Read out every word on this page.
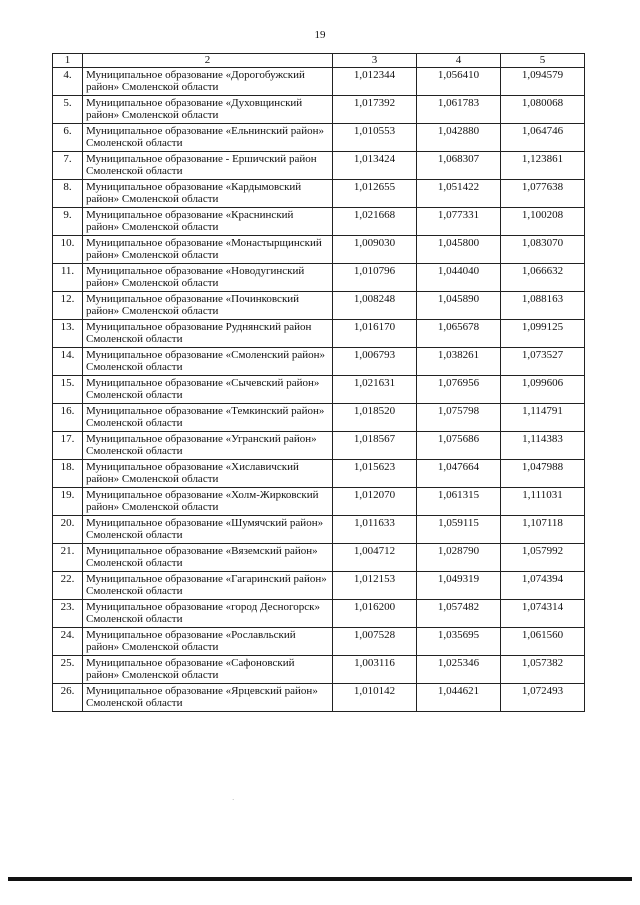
19
1	2	3	4	5
4.	Муниципальное образование «Дорогобужский район» Смоленской области	1,012344	1,056410	1,094579
5.	Муниципальное образование «Духовщинский район» Смоленской области	1,017392	1,061783	1,080068
6.	Муниципальное образование «Ельнинский район» Смоленской области	1,010553	1,042880	1,064746
7.	Муниципальное образование - Ершичский район Смоленской области	1,013424	1,068307	1,123861
8.	Муниципальное образование «Кардымовский район» Смоленской области	1,012655	1,051422	1,077638
9.	Муниципальное образование «Краснинский район» Смоленской области	1,021668	1,077331	1,100208
10.	Муниципальное образование «Монастырщинский район» Смоленской области	1,009030	1,045800	1,083070
11.	Муниципальное образование «Новодугинский район» Смоленской области	1,010796	1,044040	1,066632
12.	Муниципальное образование «Починковский район» Смоленской области	1,008248	1,045890	1,088163
13.	Муниципальное образование Руднянский район Смоленской области	1,016170	1,065678	1,099125
14.	Муниципальное образование «Смоленский район» Смоленской области	1,006793	1,038261	1,073527
15.	Муниципальное образование «Сычевский район» Смоленской области	1,021631	1,076956	1,099606
16.	Муниципальное образование «Темкинский район» Смоленской области	1,018520	1,075798	1,114791
17.	Муниципальное образование «Угранский район» Смоленской области	1,018567	1,075686	1,114383
18.	Муниципальное образование «Хиславичский район» Смоленской области	1,015623	1,047664	1,047988
19.	Муниципальное образование «Холм-Жирковский район» Смоленской области	1,012070	1,061315	1,111031
20.	Муниципальное образование «Шумячский район» Смоленской области	1,011633	1,059115	1,107118
21.	Муниципальное образование «Вяземский район» Смоленской области	1,004712	1,028790	1,057992
22.	Муниципальное образование «Гагаринский район» Смоленской области	1,012153	1,049319	1,074394
23.	Муниципальное образование «город Десногорск» Смоленской области	1,016200	1,057482	1,074314
24.	Муниципальное образование «Рославльский район» Смоленской области	1,007528	1,035695	1,061560
25.	Муниципальное образование «Сафоновский район» Смоленской области	1,003116	1,025346	1,057382
26.	Муниципальное образование «Ярцевский район» Смоленской области	1,010142	1,044621	1,072493
·
